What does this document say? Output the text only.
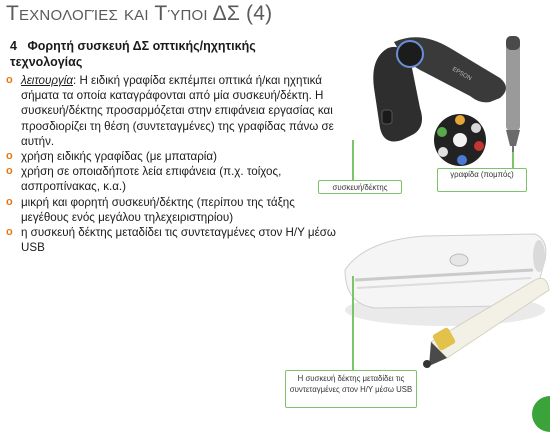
Τεχνολογίες και Τύποι ΔΣ (4)
4 Φορητή συσκευή ΔΣ οπτικής/ηχητικής τεχνολογίας
o λειτουργία: Η ειδική γραφίδα εκπέμπει οπτικά ή/και ηχητικά σήματα τα οποία καταγράφονται από μία συσκευή/δέκτη. Η συσκευή/δέκτης προσαρμόζεται στην επιφάνεια εργασίας και προσδιορίζει τη θέση (συντεταγμένες) της γραφίδας πάνω σε αυτήν.
o χρήση ειδικής γραφίδας (με μπαταρία)
o χρήση σε οποιαδήποτε λεία επιφάνεια (π.χ. τοίχος, ασπροπίνακας, κ.α.)
o μικρή και φορητή συσκευή/δέκτης (περίπου της τάξης μεγέθους ενός μεγάλου τηλεχειριστηρίου)
o η συσκευή δέκτης μεταδίδει τις συντεταγμένες στον Η/Υ μέσω USB
EPSON
συσκευή/δέκτης
γραφίδα (πομπός)
Η συσκευή δέκτης μεταδίδει τις συντεταγμένες στον Η/Υ μέσω USB
